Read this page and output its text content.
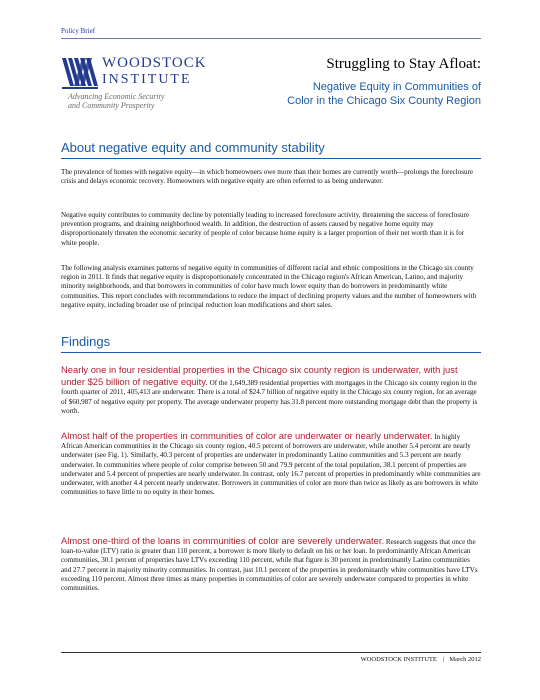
Policy Brief
WOODSTOCK
INSTITUTE
Advancing Economic Security
and Community Prosperity
Struggling to Stay Afloat:
Negative Equity in Communities of
Color in the Chicago Six County Region
About negative equity and community stability

The prevalence of homes with negative equity—in which homeowners owe more than their homes are currently worth—prolongs the foreclosure crisis and delays economic recovery. Homeowners with negative equity are often referred to as being underwater.

Negative equity contributes to community decline by potentially leading to increased foreclosure activity, threatening the success of foreclosure prevention programs, and draining neighborhood wealth. In addition, the destruction of assets caused by negative home equity may disproportionately threaten the economic security of people of color because home equity is a larger proportion of their net worth than it is for white people.

The following analysis examines patterns of negative equity in communities of different racial and ethnic compositions in the Chicago six county region in 2011. It finds that negative equity is disproportionately concentrated in the Chicago region's African American, Latino, and majority minority neighborhoods, and that borrowers in communities of color have much lower equity than do borrowers in predominantly white communities. This report concludes with recommendations to reduce the impact of declining property values and the number of homeowners with negative equity, including broader use of principal reduction loan modifications and short sales.

Findings

Nearly one in four residential properties in the Chicago six county region is underwater, with just under $25 billion of negative equity. Of the 1,649,389 residential properties with mortgages in the Chicago six county region in the fourth quarter of 2011, 405,413 are underwater. There is a total of $24.7 billion of negative equity in the Chicago six county region, for an average of $60,987 of negative equity per property. The average underwater property has 31.8 percent more outstanding mortgage debt than the property is worth.

Almost half of the properties in communities of color are underwater or nearly underwater. In highly African American communities in the Chicago six county region, 40.5 percent of borrowers are underwater, while another 5.4 percent are nearly underwater (see Fig. 1). Similarly, 40.3 percent of properties are underwater in predominantly Latino communities and 5.3 percent are nearly underwater. In communities where people of color comprise between 50 and 79.9 percent of the total population, 38.1 percent of properties are underwater and 5.4 percent of properties are nearly underwater. In contrast, only 16.7 percent of properties in predominantly white communities are underwater, with another 4.4 percent nearly underwater. Borrowers in communities of color are more than twice as likely as are borrowers in white communities to have little to no equity in their homes.

Almost one-third of the loans in communities of color are severely underwater. Research suggests that once the loan-to-value (LTV) ratio is greater than 110 percent, a borrower is more likely to default on his or her loan. In predominantly African American communities, 30.1 percent of properties have LTVs exceeding 110 percent, while that figure is 30 percent in predominantly Latino communities and 27.7 percent in majority minority communities. In contrast, just 10.1 percent of the properties in predominantly white communities have LTVs exceeding 110 percent. Almost three times as many properties in communities of color are severely underwater compared to properties in white communities.

WOODSTOCK INSTITUTE | March 2012
